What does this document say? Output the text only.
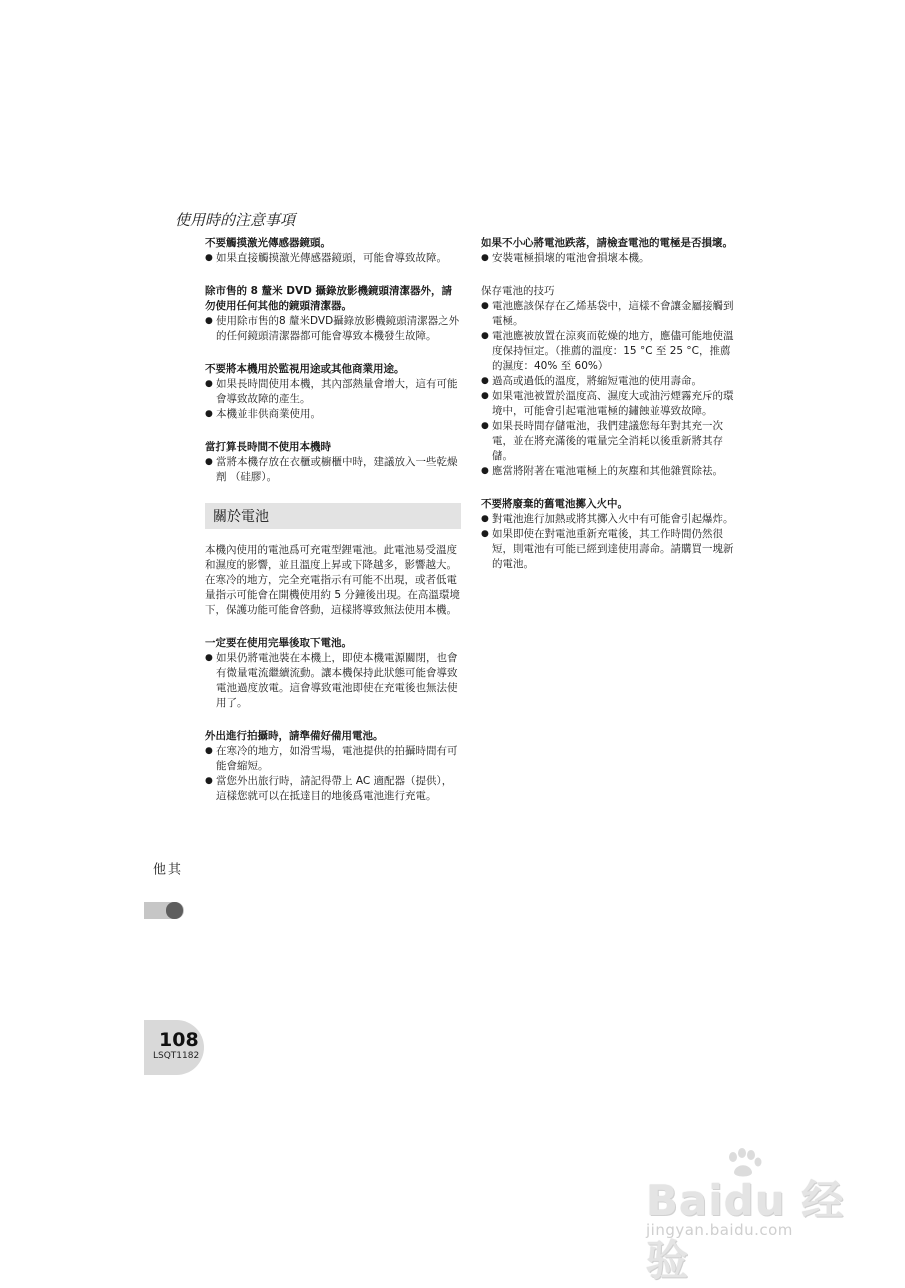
使用時的注意事項

不要觸摸激光傳感器鏡頭。

● 如果直接觸摸激光傳感器鏡頭，可能會導致故障。

除市售的 8 釐米 DVD 攝錄放影機鏡頭清潔器外，請勿使用任何其他的鏡頭清潔器。

● 使用除市售的8 釐米DVD攝錄放影機鏡頭清潔器之外的任何鏡頭清潔器都可能會導致本機發生故障。

不要將本機用於監視用途或其他商業用途。

● 如果長時間使用本機，其內部熱量會增大，這有可能會導致故障的產生。
● 本機並非供商業使用。

當打算長時間不使用本機時

● 當將本機存放在衣櫃或櫥櫃中時，建議放入一些乾燥劑 （硅膠）。
關於電池

本機內使用的電池爲可充電型鋰電池。此電池易受溫度和濕度的影響，並且溫度上昇或下降越多，影響越大。在寒冷的地方，完全充電指示有可能不出現，或者低電量指示可能會在開機使用約 5 分鐘後出現。在高溫環境下，保護功能可能會啓動，這樣將導致無法使用本機。

一定要在使用完畢後取下電池。

● 如果仍將電池裝在本機上，即使本機電源關閉，也會有微量電流繼續流動。讓本機保持此狀態可能會導致電池過度放電。這會導致電池即使在充電後也無法使用了。

外出進行拍攝時，請準備好備用電池。

● 在寒冷的地方，如滑雪場，電池提供的拍攝時間有可能會縮短。
● 當您外出旅行時，請記得帶上 AC 適配器（提供），這樣您就可以在抵達目的地後爲電池進行充電。

如果不小心將電池跌落，請檢查電池的電極是否損壞。

● 安裝電極損壞的電池會損壞本機。

保存電池的技巧

● 電池應該保存在乙烯基袋中，這樣不會讓金屬接觸到電極。
● 電池應被放置在涼爽而乾燥的地方，應儘可能地使溫度保持恒定。（推薦的溫度：15 °C 至 25 °C，推薦的濕度：40% 至 60%）
● 過高或過低的溫度，將縮短電池的使用壽命。
● 如果電池被置於溫度高、濕度大或油污煙霧充斥的環境中，可能會引起電池電極的鏽蝕並導致故障。
● 如果長時間存儲電池，我們建議您每年對其充一次電，並在將充滿後的電量完全消耗以後重新將其存儲。
● 應當將附著在電池電極上的灰塵和其他雜質除祛。

不要將廢棄的舊電池擲入火中。

● 對電池進行加熱或將其擲入火中有可能會引起爆炸。
● 如果即使在對電池重新充電後，其工作時間仍然很短，則電池有可能已經到達使用壽命。請購買一塊新的電池。
其他
108
LSQT1182
Baidu 经验
jingyan.baidu.com
